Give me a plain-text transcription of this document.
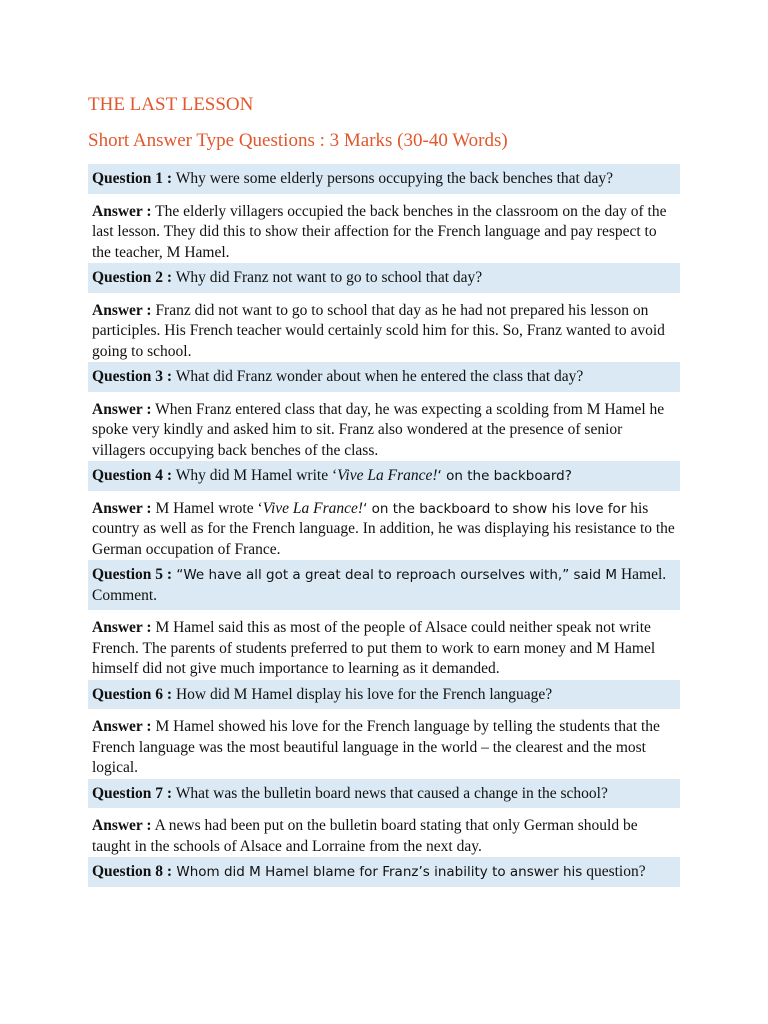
THE LAST LESSON

Short Answer Type Questions : 3 Marks (30-40 Words)

Question 1 : Why were some elderly persons occupying the back benches that day?

Answer : The elderly villagers occupied the back benches in the classroom on the day of the last lesson. They did this to show their affection for the French language and pay respect to the teacher, M Hamel.

Question 2 : Why did Franz not want to go to school that day?

Answer : Franz did not want to go to school that day as he had not prepared his lesson on participles. His French teacher would certainly scold him for this. So, Franz wanted to avoid going to school.

Question 3 : What did Franz wonder about when he entered the class that day?

Answer : When Franz entered class that day, he was expecting a scolding from M Hamel he spoke very kindly and asked him to sit. Franz also wondered at the presence of senior villagers occupying back benches of the class.

Question 4 : Why did M Hamel write ‘Vive La France!‘ on the backboard?

Answer : M Hamel wrote ‘Vive La France!‘ on the backboard to show his love for his country as well as for the French language. In addition, he was displaying his resistance to the German occupation of France.

Question 5 : “We have all got a great deal to reproach ourselves with,” said M Hamel. Comment.

Answer : M Hamel said this as most of the people of Alsace could neither speak not write French. The parents of students preferred to put them to work to earn money and M Hamel himself did not give much importance to learning as it demanded.

Question 6 : How did M Hamel display his love for the French language?

Answer : M Hamel showed his love for the French language by telling the students that the French language was the most beautiful language in the world – the clearest and the most logical.

Question 7 : What was the bulletin board news that caused a change in the school?

Answer : A news had been put on the bulletin board stating that only German should be taught in the schools of Alsace and Lorraine from the next day.

Question 8 : Whom did M Hamel blame for Franz’s inability to answer his question?
